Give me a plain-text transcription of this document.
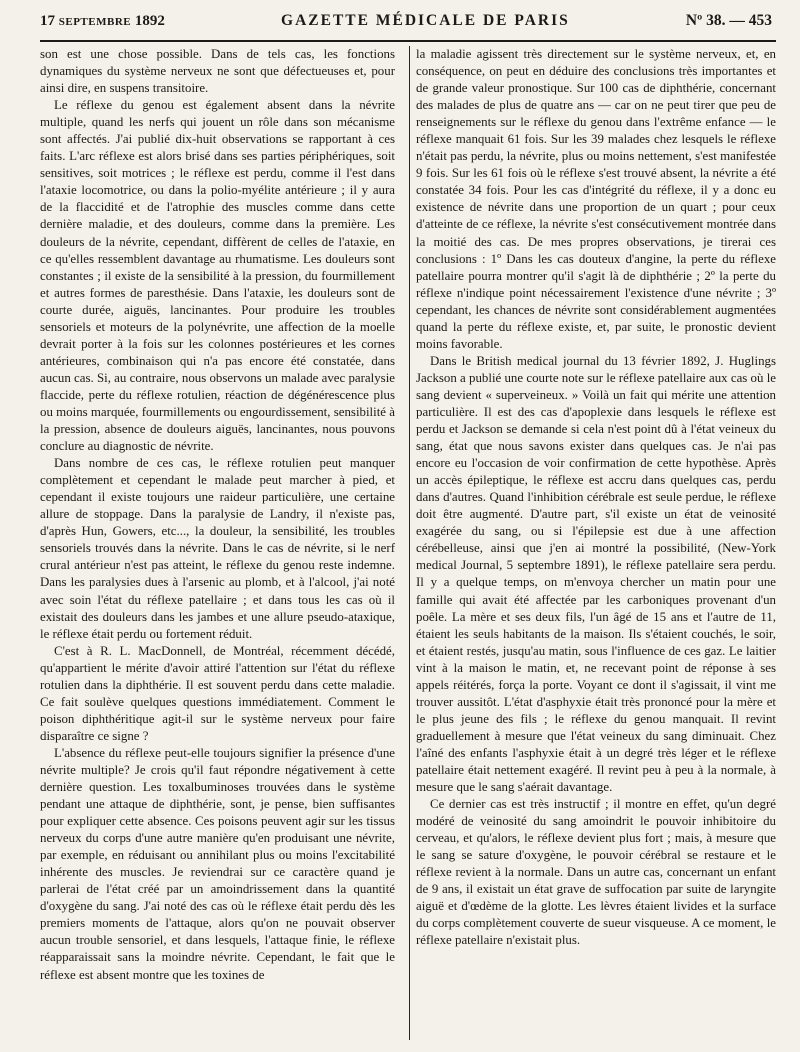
17 SEPTEMBRE 1892	GAZETTE MÉDICALE DE PARIS	Nº 38. — 453

son est une chose possible. Dans de tels cas, les fonctions dynamiques du système nerveux ne sont que défectueuses et, pour ainsi dire, en suspens transitoire.

Le réflexe du genou est également absent dans la névrite multiple, quand les nerfs qui jouent un rôle dans son mécanisme sont affectés. J'ai publié dix-huit observations se rapportant à ces faits. L'arc réflexe est alors brisé dans ses parties périphériques, soit sensitives, soit motrices ; le réflexe est perdu, comme il l'est dans l'ataxie locomotrice, ou dans la polio-myélite antérieure ; il y aura de la flaccidité et de l'atrophie des muscles comme dans cette dernière maladie, et des douleurs, comme dans la première. Les douleurs de la névrite, cependant, diffèrent de celles de l'ataxie, en ce qu'elles ressemblent davantage au rhumatisme. Les douleurs sont constantes ; il existe de la sensibilité à la pression, du fourmillement et autres formes de paresthésie. Dans l'ataxie, les douleurs sont de courte durée, aiguës, lancinantes. Pour produire les troubles sensoriels et moteurs de la polynévrite, une affection de la moelle devrait porter à la fois sur les colonnes postérieures et les cornes antérieures, combinaison qui n'a pas encore été constatée, dans aucun cas. Si, au contraire, nous observons un malade avec paralysie flaccide, perte du réflexe rotulien, réaction de dégénérescence plus ou moins marquée, fourmillements ou engourdissement, sensibilité à la pression, absence de douleurs aiguës, lancinantes, nous pouvons conclure au diagnostic de névrite.

Dans nombre de ces cas, le réflexe rotulien peut manquer complètement et cependant le malade peut marcher à pied, et cependant il existe toujours une raideur particulière, une certaine allure de stoppage. Dans la paralysie de Landry, il n'existe pas, d'après Hun, Gowers, etc..., la douleur, la sensibilité, les troubles sensoriels trouvés dans la névrite. Dans le cas de névrite, si le nerf crural antérieur n'est pas atteint, le réflexe du genou reste indemne. Dans les paralysies dues à l'arsenic au plomb, et à l'alcool, j'ai noté avec soin l'état du réflexe patellaire ; et dans tous les cas où il existait des douleurs dans les jambes et une allure pseudo-ataxique, le réflexe était perdu ou fortement réduit.

C'est à R. L. MacDonnell, de Montréal, récemment décédé, qu'appartient le mérite d'avoir attiré l'attention sur l'état du réflexe rotulien dans la diphthérie. Il est souvent perdu dans cette maladie. Ce fait soulève quelques questions immédiatement. Comment le poison diphthéritique agit-il sur le système nerveux pour faire disparaître ce signe ?

L'absence du réflexe peut-elle toujours signifier la présence d'une névrite multiple? Je crois qu'il faut répondre négativement à cette dernière question. Les toxalbuminoses trouvées dans le système pendant une attaque de diphthérie, sont, je pense, bien suffisantes pour expliquer cette absence. Ces poisons peuvent agir sur les tissus nerveux du corps d'une autre manière qu'en produisant une névrite, par exemple, en réduisant ou annihilant plus ou moins l'excitabilité inhérente des muscles. Je reviendrai sur ce caractère quand je parlerai de l'état créé par un amoindrissement dans la quantité d'oxygène du sang. J'ai noté des cas où le réflexe était perdu dès les premiers moments de l'attaque, alors qu'on ne pouvait observer aucun trouble sensoriel, et dans lesquels, l'attaque finie, le réflexe réapparaissait sans la moindre névrite. Cependant, le fait que le réflexe est absent montre que les toxines de

la maladie agissent très directement sur le système nerveux, et, en conséquence, on peut en déduire des conclusions très importantes et de grande valeur pronostique. Sur 100 cas de diphthérie, concernant des malades de plus de quatre ans — car on ne peut tirer que peu de renseignements sur le réflexe du genou dans l'extrême enfance — le réflexe manquait 61 fois. Sur les 39 malades chez lesquels le réflexe n'était pas perdu, la névrite, plus ou moins nettement, s'est manifestée 9 fois. Sur les 61 fois où le réflexe s'est trouvé absent, la névrite a été constatée 34 fois. Pour les cas d'intégrité du réflexe, il y a donc eu existence de névrite dans une proportion de un quart ; pour ceux d'atteinte de ce réflexe, la névrite s'est consécutivement montrée dans la moitié des cas. De mes propres observations, je tirerai ces conclusions : 1º Dans les cas douteux d'angine, la perte du réflexe patellaire pourra montrer qu'il s'agit là de diphthérie ; 2º la perte du réflexe n'indique point nécessairement l'existence d'une névrite ; 3º cependant, les chances de névrite sont considérablement augmentées quand la perte du réflexe existe, et, par suite, le pronostic devient moins favorable.

Dans le British medical journal du 13 février 1892, J. Huglings Jackson a publié une courte note sur le réflexe patellaire aux cas où le sang devient « superveineux. » Voilà un fait qui mérite une attention particulière. Il est des cas d'apoplexie dans lesquels le réflexe est perdu et Jackson se demande si cela n'est point dû à l'état veineux du sang, état que nous savons exister dans quelques cas. Je n'ai pas encore eu l'occasion de voir confirmation de cette hypothèse. Après un accès épileptique, le réflexe est accru dans quelques cas, perdu dans d'autres. Quand l'inhibition cérébrale est seule perdue, le réflexe doit être augmenté. D'autre part, s'il existe un état de veinosité exagérée du sang, ou si l'épilepsie est due à une affection cérébelleuse, ainsi que j'en ai montré la possibilité, (New-York medical Journal, 5 septembre 1891), le réflexe patellaire sera perdu. Il y a quelque temps, on m'envoya chercher un matin pour une famille qui avait été affectée par les carboniques provenant d'un poêle. La mère et ses deux fils, l'un âgé de 15 ans et l'autre de 11, étaient les seuls habitants de la maison. Ils s'étaient couchés, le soir, et étaient restés, jusqu'au matin, sous l'influence de ces gaz. Le laitier vint à la maison le matin, et, ne recevant point de réponse à ses appels réitérés, força la porte. Voyant ce dont il s'agissait, il vint me trouver aussitôt. L'état d'asphyxie était très prononcé pour la mère et le plus jeune des fils ; le réflexe du genou manquait. Il revint graduellement à mesure que l'état veineux du sang diminuait. Chez l'aîné des enfants l'asphyxie était à un degré très léger et le réflexe patellaire était nettement exagéré. Il revint peu à peu à la normale, à mesure que le sang s'aérait davantage.

Ce dernier cas est très instructif ; il montre en effet, qu'un degré modéré de veinosité du sang amoindrit le pouvoir inhibitoire du cerveau, et qu'alors, le réflexe devient plus fort ; mais, à mesure que le sang se sature d'oxygène, le pouvoir cérébral se restaure et le réflexe revient à la normale. Dans un autre cas, concernant un enfant de 9 ans, il existait un état grave de suffocation par suite de laryngite aiguë et d'œdème de la glotte. Les lèvres étaient livides et la surface du corps complètement couverte de sueur visqueuse. A ce moment, le réflexe patellaire n'existait plus.
